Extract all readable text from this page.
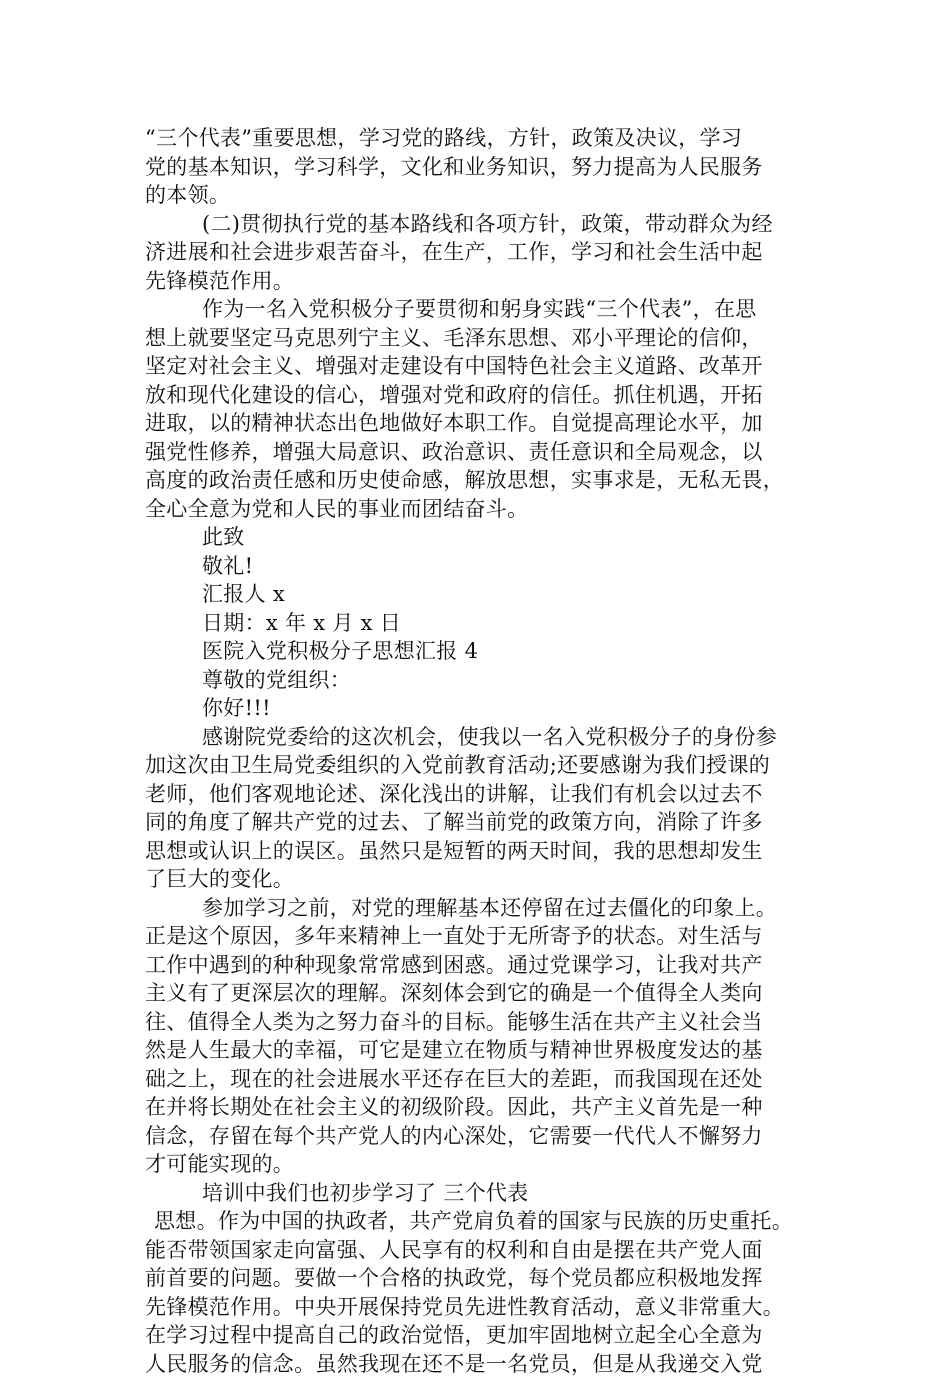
“三个代表”重要思想，学习党的路线，方针，政策及决议，学习
党的基本知识，学习科学，文化和业务知识，努力提高为人民服务
的本领。
(二)贯彻执行党的基本路线和各项方针，政策，带动群众为经
济进展和社会进步艰苦奋斗，在生产，工作，学习和社会生活中起
先锋模范作用。
作为一名入党积极分子要贯彻和躬身实践“三个代表”，在思
想上就要坚定马克思列宁主义、毛泽东思想、邓小平理论的信仰，
坚定对社会主义、增强对走建设有中国特色社会主义道路、改革开
放和现代化建设的信心，增强对党和政府的信任。抓住机遇，开拓
进取，以的精神状态出色地做好本职工作。自觉提高理论水平，加
强党性修养，增强大局意识、政治意识、责任意识和全局观念，以
高度的政治责任感和历史使命感，解放思想，实事求是，无私无畏，
全心全意为党和人民的事业而团结奋斗。
此致
敬礼!
汇报人 x
日期：x 年 x 月 x 日
医院入党积极分子思想汇报 4
尊敬的党组织：
你好!!!
感谢院党委给的这次机会，使我以一名入党积极分子的身份参
加这次由卫生局党委组织的入党前教育活动;还要感谢为我们授课的
老师，他们客观地论述、深化浅出的讲解，让我们有机会以过去不
同的角度了解共产党的过去、了解当前党的政策方向，消除了许多
思想或认识上的误区。虽然只是短暂的两天时间，我的思想却发生
了巨大的变化。
参加学习之前，对党的理解基本还停留在过去僵化的印象上。
正是这个原因，多年来精神上一直处于无所寄予的状态。对生活与
工作中遇到的种种现象常常感到困惑。通过党课学习，让我对共产
主义有了更深层次的理解。深刻体会到它的确是一个值得全人类向
往、值得全人类为之努力奋斗的目标。能够生活在共产主义社会当
然是人生最大的幸福，可它是建立在物质与精神世界极度发达的基
础之上，现在的社会进展水平还存在巨大的差距，而我国现在还处
在并将长期处在社会主义的初级阶段。因此，共产主义首先是一种
信念，存留在每个共产党人的内心深处，它需要一代代人不懈努力
才可能实现的。
培训中我们也初步学习了 三个代表
思想。作为中国的执政者，共产党肩负着的国家与民族的历史重托。
能否带领国家走向富强、人民享有的权利和自由是摆在共产党人面
前首要的问题。要做一个合格的执政党，每个党员都应积极地发挥
先锋模范作用。中央开展保持党员先进性教育活动，意义非常重大。
在学习过程中提高自己的政治觉悟，更加牢固地树立起全心全意为
人民服务的信念。虽然我现在还不是一名党员，但是从我递交入党
